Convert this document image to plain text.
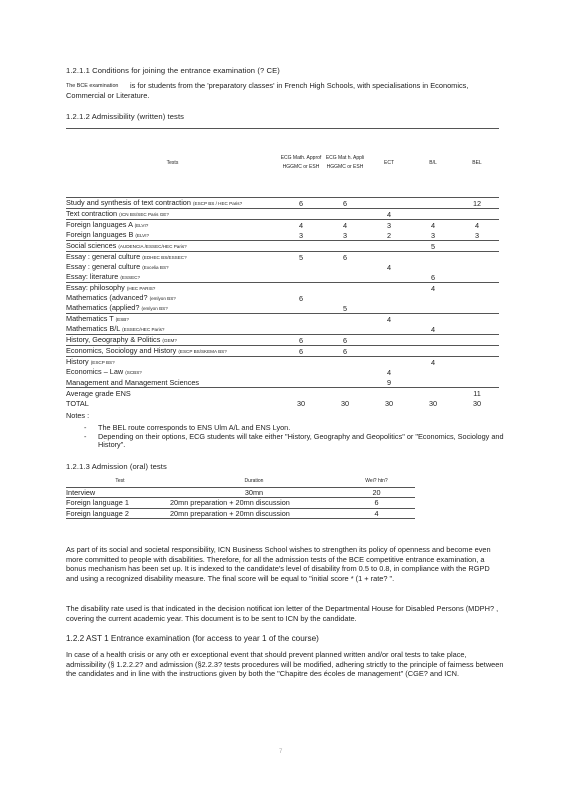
1.2.1.1 Conditions for joining the entrance examination (? CE)
The BCE examination	is for students from the 'preparatory classes' in French High Schools, with specialisations in Economics, Commercial or Literature.
1.2.1.2 Admissibility (written) tests
Tests	ECG Math. Approf HGGMC or ESH	ECG Mat h. Appli HGGMC or ESH	ECT	B/L	BEL
Study and synthesis of text contraction (ESCP BS / HEC Paris?	6	6			12
Text contraction (ICN BS/SEC Paris GE?			4		
Foreign languages A (ELVI?	4	4	3	4	4
Foreign languages B (ELVI?	3	3	2	3	3
Social sciences (AUDENCIA /ESSEC/HEC Paris?				5	
Essay : general culture (EDHEC BS/ESSEC?	5	6			
Essay : general culture (Excelia BS?			4		
Essay: literature (ESSEC?				6	
Essay: philosophy (HEC PARIS?				4	
Mathematics (advanced? (emlyon BS?	6				
Mathematics (applied? (emlyon BS?		5			
Mathematics T (ESB?			4		
Mathematics B/L (ESSEC/HEC Paris?				4	
History, Geography & Politics (GEM?	6	6			
Economics, Sociology and History (ESCP BS/SKEMA BS?	6	6			
History (ESCP BS?				4	
Economics – Law (SCBS?			4		
Management and Management Sciences			9		
Average grade ENS					11
TOTAL	30	30	30	30	30
Notes :
- The BEL route corresponds to ENS Ulm A/L and ENS Lyon.
- Depending on their options, ECG students will take either "History, Geography and Geopolitics" or "Economics, Sociology and History".
1.2.1.3 Admission (oral) tests
Test	Duration	Wei? htn?
Interview	30mn	20
Foreign language 1	20mn preparation + 20mn discussion	6
Foreign language 2	20mn preparation + 20mn discussion	4
As part of its social and societal responsibility, ICN Business School wishes to strengthen its policy of openness and become even more committed to people with disabilities. Therefore, for all the admission tests of the BCE competitive entrance examination, a bonus mechanism has been set up. It is indexed to the candidate's level of disability from 0.5 to 0.8, in compliance with the RGPD and using a recognized disability measure. The final score will be equal to "initial score * (1 + rate? ".
The disability rate used is that indicated in the decision notificat ion letter of the Departmental House for Disabled Persons (MDPH? , covering the current academic year. This document is to be sent to ICN by the candidate.
1.2.2 AST 1 Entrance examination (for access to year 1 of the course)
In case of a health crisis or any oth er exceptional event that should prevent planned written and/or oral tests to take place, admissibility (§ 1.2.2.2? and admission (§2.2.3? tests procedures will be modified, adhering strictly to the principle of fairness between the candidates and in line with the instructions given by both the "Chapitre des écoles de management" (CGE? and ICN.
7
